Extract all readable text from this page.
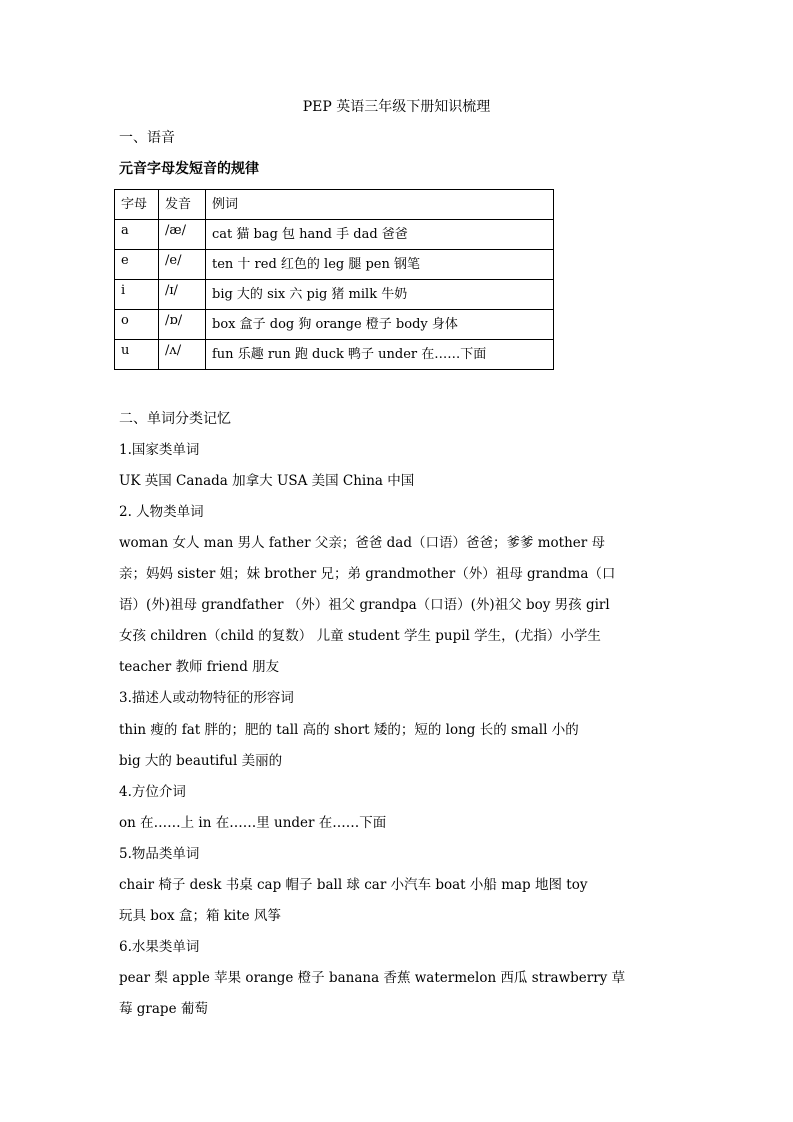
PEP 英语三年级下册知识梳理
一、语音
元音字母发短音的规律
字母	发音	例词
a	/æ/	cat 猫 bag 包 hand 手 dad 爸爸
e	/e/	ten 十 red 红色的 leg 腿 pen 钢笔
i	/ɪ/	big 大的 six 六 pig 猪 milk 牛奶
o	/ɒ/	box 盒子 dog 狗 orange 橙子 body 身体
u	/ʌ/	fun 乐趣 run 跑 duck 鸭子 under 在……下面
二、单词分类记忆
1.国家类单词
UK 英国 Canada 加拿大 USA 美国 China 中国
2. 人物类单词
woman 女人 man 男人 father 父亲；爸爸 dad（口语）爸爸；爹爹 mother 母
亲；妈妈 sister 姐；妹 brother 兄；弟 grandmother（外）祖母 grandma（口
语）(外)祖母 grandfather （外）祖父 grandpa（口语）(外)祖父 boy 男孩 girl
女孩 children（child 的复数） 儿童 student 学生 pupil 学生，(尤指）小学生
teacher 教师 friend 朋友
3.描述人或动物特征的形容词
thin 瘦的 fat 胖的；肥的 tall 高的 short 矮的；短的 long 长的 small 小的
big 大的 beautiful 美丽的
4.方位介词
on 在……上 in 在……里 under 在……下面
5.物品类单词
chair 椅子 desk 书桌 cap 帽子 ball 球 car 小汽车 boat 小船 map 地图 toy
玩具 box 盒；箱 kite 风筝
6.水果类单词
pear 梨 apple 苹果 orange 橙子 banana 香蕉 watermelon 西瓜 strawberry 草
莓 grape 葡萄
